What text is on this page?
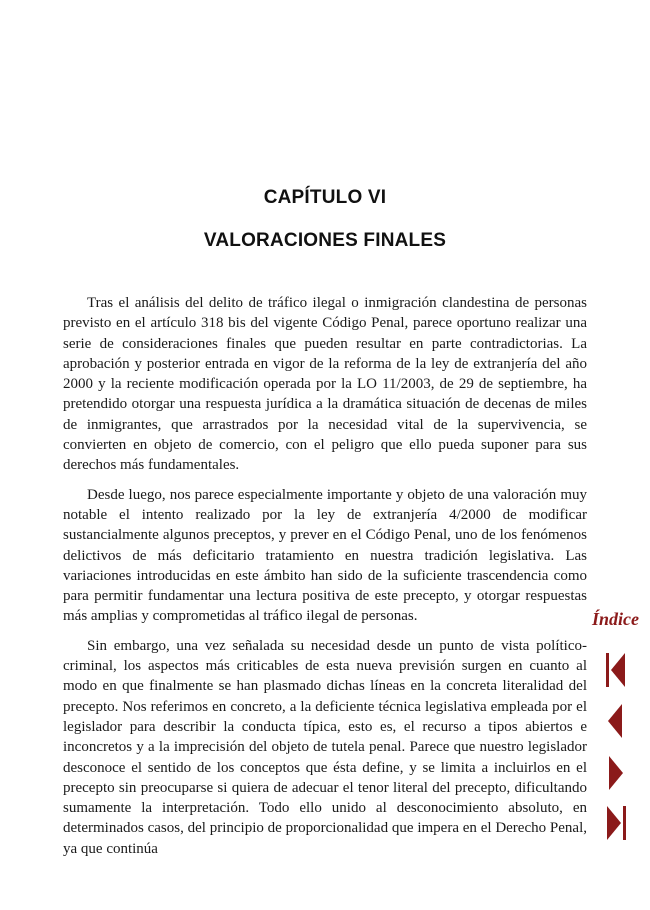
CAPÍTULO VI
VALORACIONES FINALES

Tras el análisis del delito de tráfico ilegal o inmigración clandestina de personas previsto en el artículo 318 bis del vigente Código Penal, parece oportuno realizar una serie de consideraciones finales que pueden resultar en parte contradictorias. La aprobación y posterior entrada en vigor de la reforma de la ley de extranjería del año 2000 y la reciente modificación operada por la LO 11/2003, de 29 de septiembre, ha pretendido otorgar una respuesta jurídica a la dramática situación de decenas de miles de inmigrantes, que arrastrados por la necesidad vital de la supervivencia, se convierten en objeto de comercio, con el peligro que ello pueda suponer para sus derechos más fundamentales.

Desde luego, nos parece especialmente importante y objeto de una valoración muy notable el intento realizado por la ley de extranjería 4/2000 de modificar sustancialmente algunos preceptos, y prever en el Código Penal, uno de los fenómenos delictivos de más deficitario tratamiento en nuestra tradición legislativa. Las variaciones introducidas en este ámbito han sido de la suficiente trascendencia como para permitir fundamentar una lectura positiva de este precepto, y otorgar respuestas más amplias y comprometidas al tráfico ilegal de personas.

Sin embargo, una vez señalada su necesidad desde un punto de vista político-criminal, los aspectos más criticables de esta nueva previsión surgen en cuanto al modo en que finalmente se han plasmado dichas líneas en la concreta literalidad del precepto. Nos referimos en concreto, a la deficiente técnica legislativa empleada por el legislador para describir la conducta típica, esto es, el recurso a tipos abiertos e inconcretos y a la imprecisión del objeto de tutela penal. Parece que nuestro legislador desconoce el sentido de los conceptos que ésta define, y se limita a incluirlos en el precepto sin preocuparse si quiera de adecuar el tenor literal del precepto, dificultando sumamente la interpretación. Todo ello unido al desconocimiento absoluto, en determinados casos, del principio de proporcionalidad que impera en el Derecho Penal, ya que continúa

Índice
